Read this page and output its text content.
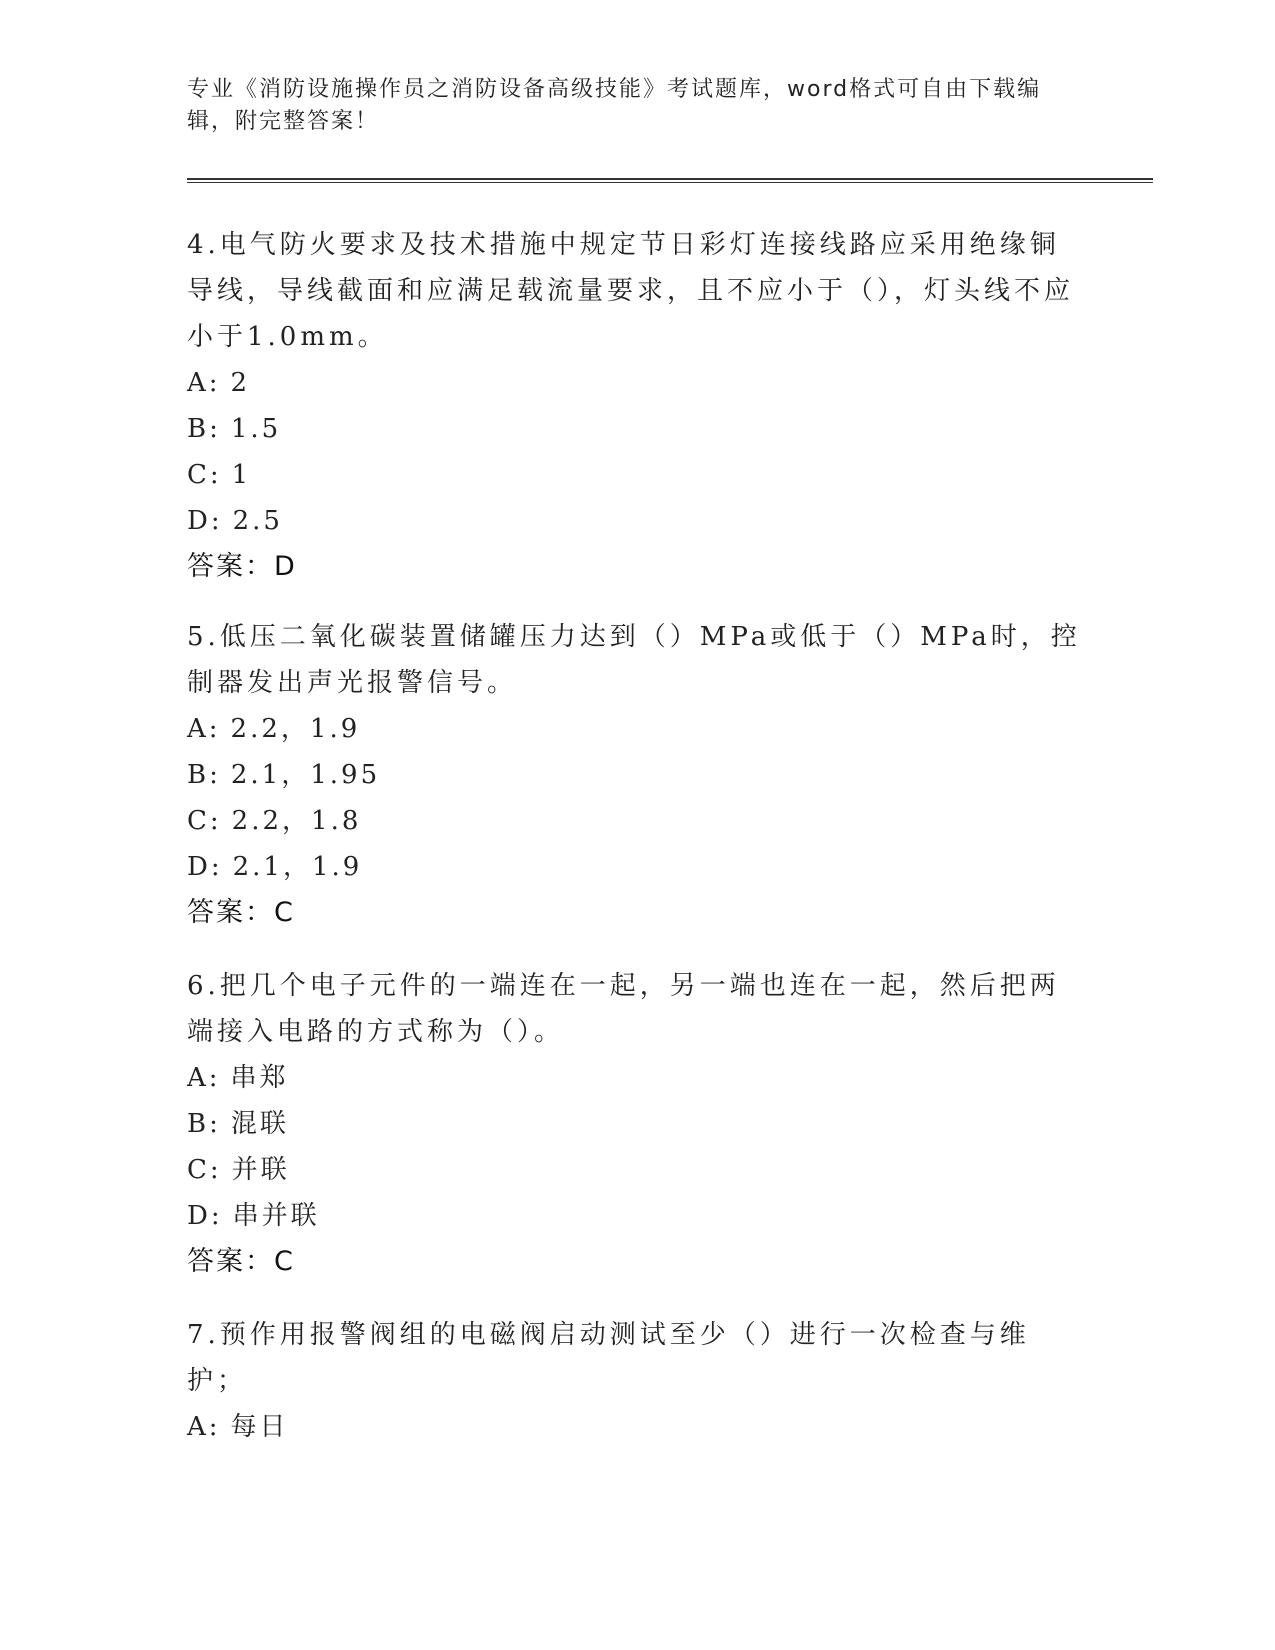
专业《消防设施操作员之消防设备高级技能》考试题库，word格式可自由下载编
辑，附完整答案！

4.电气防火要求及技术措施中规定节日彩灯连接线路应采用绝缘铜导线，导线截面和应满足载流量要求，且不应小于（），灯头线不应小于1.0mm。

A: 2
B: 1.5
C: 1
D: 2.5
答案：D

5.低压二氧化碳装置储罐压力达到（）MPa或低于（）MPa时，控制器发出声光报警信号。

A: 2.2，1.9
B: 2.1，1.95
C: 2.2，1.8
D: 2.1，1.9
答案：C

6.把几个电子元件的一端连在一起，另一端也连在一起，然后把两端接入电路的方式称为（）。

A: 串郑
B: 混联
C: 并联
D: 串并联
答案：C

7.预作用报警阀组的电磁阀启动测试至少（）进行一次检查与维护；

A: 每日
